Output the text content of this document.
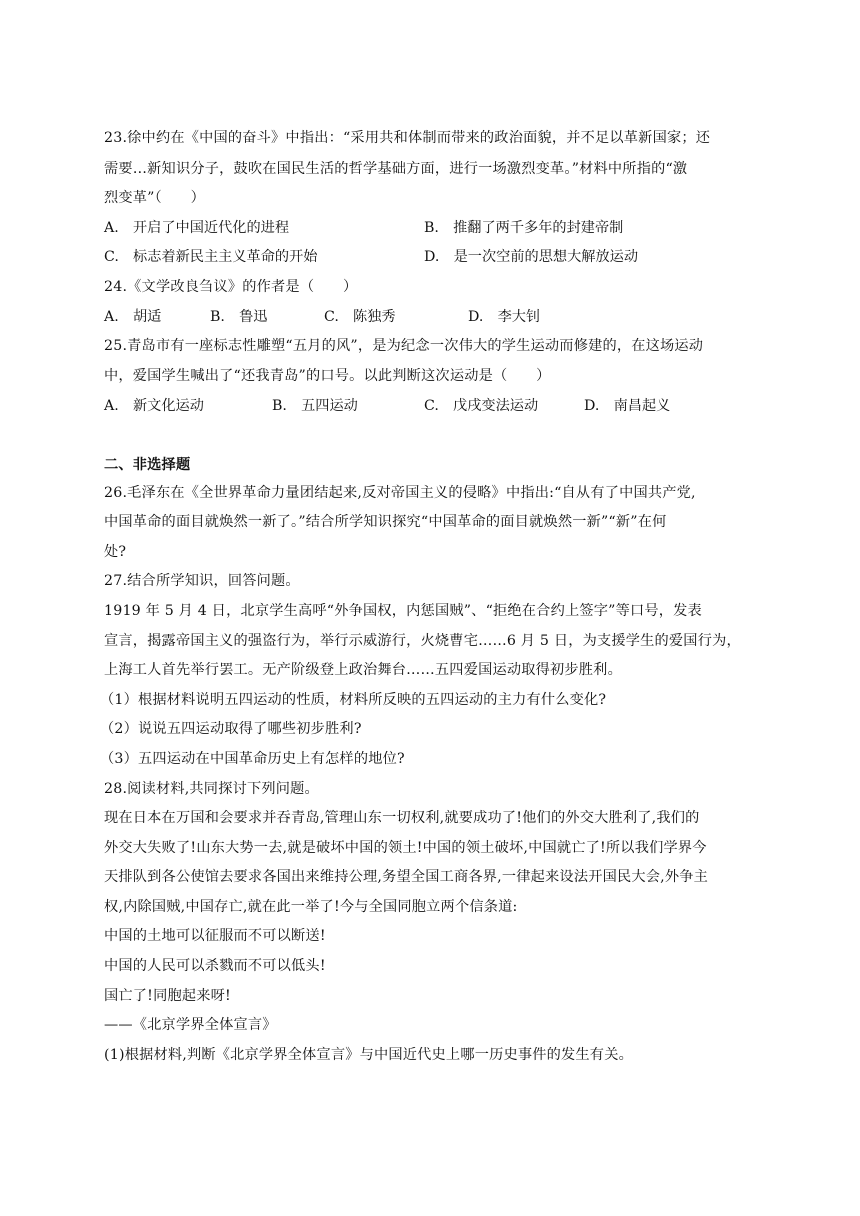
23.徐中约在《中国的奋斗》中指出：“采用共和体制而带来的政治面貌，并不足以革新国家；还
需要…新知识分子，鼓吹在国民生活的哲学基础方面，进行一场激烈变革。”材料中所指的“激
烈变革”（　　）
A.　开启了中国近代化的进程	B.　推翻了两千多年的封建帝制
C.　标志着新民主主义革命的开始	D.　是一次空前的思想大解放运动
24.《文学改良刍议》的作者是（　　）
A.　胡适	B.　鲁迅	C.　陈独秀	D.　李大钊
25.青岛市有一座标志性雕塑“五月的风”，是为纪念一次伟大的学生运动而修建的，在这场运动
中，爱国学生喊出了“还我青岛”的口号。以此判断这次运动是（　　）
A.　新文化运动	B.　五四运动	C.　戊戌变法运动	D.　南昌起义
二、非选择题
26.毛泽东在《全世界革命力量团结起来,反对帝国主义的侵略》中指出:“自从有了中国共产党,
中国革命的面目就焕然一新了。”结合所学知识探究“中国革命的面目就焕然一新”“新”在何
处?
27.结合所学知识，回答问题。
1919 年 5 月 4 日，北京学生高呼“外争国权，内惩国贼”、“拒绝在合约上签字”等口号，发表
宣言，揭露帝国主义的强盗行为，举行示威游行，火烧曹宅……6 月 5 日，为支援学生的爱国行为，
上海工人首先举行罢工。无产阶级登上政治舞台……五四爱国运动取得初步胜利。
（1）根据材料说明五四运动的性质，材料所反映的五四运动的主力有什么变化?
（2）说说五四运动取得了哪些初步胜利?
（3）五四运动在中国革命历史上有怎样的地位?
28.阅读材料,共同探讨下列问题。
现在日本在万国和会要求并吞青岛,管理山东一切权利,就要成功了!他们的外交大胜利了,我们的
外交大失败了!山东大势一去,就是破坏中国的领土!中国的领土破坏,中国就亡了!所以我们学界今
天排队到各公使馆去要求各国出来维持公理,务望全国工商各界,一律起来设法开国民大会,外争主
权,内除国贼,中国存亡,就在此一举了!今与全国同胞立两个信条道:
中国的土地可以征服而不可以断送!
中国的人民可以杀戮而不可以低头!
国亡了!同胞起来呀!
——《北京学界全体宣言》
(1)根据材料,判断《北京学界全体宣言》与中国近代史上哪一历史事件的发生有关。
